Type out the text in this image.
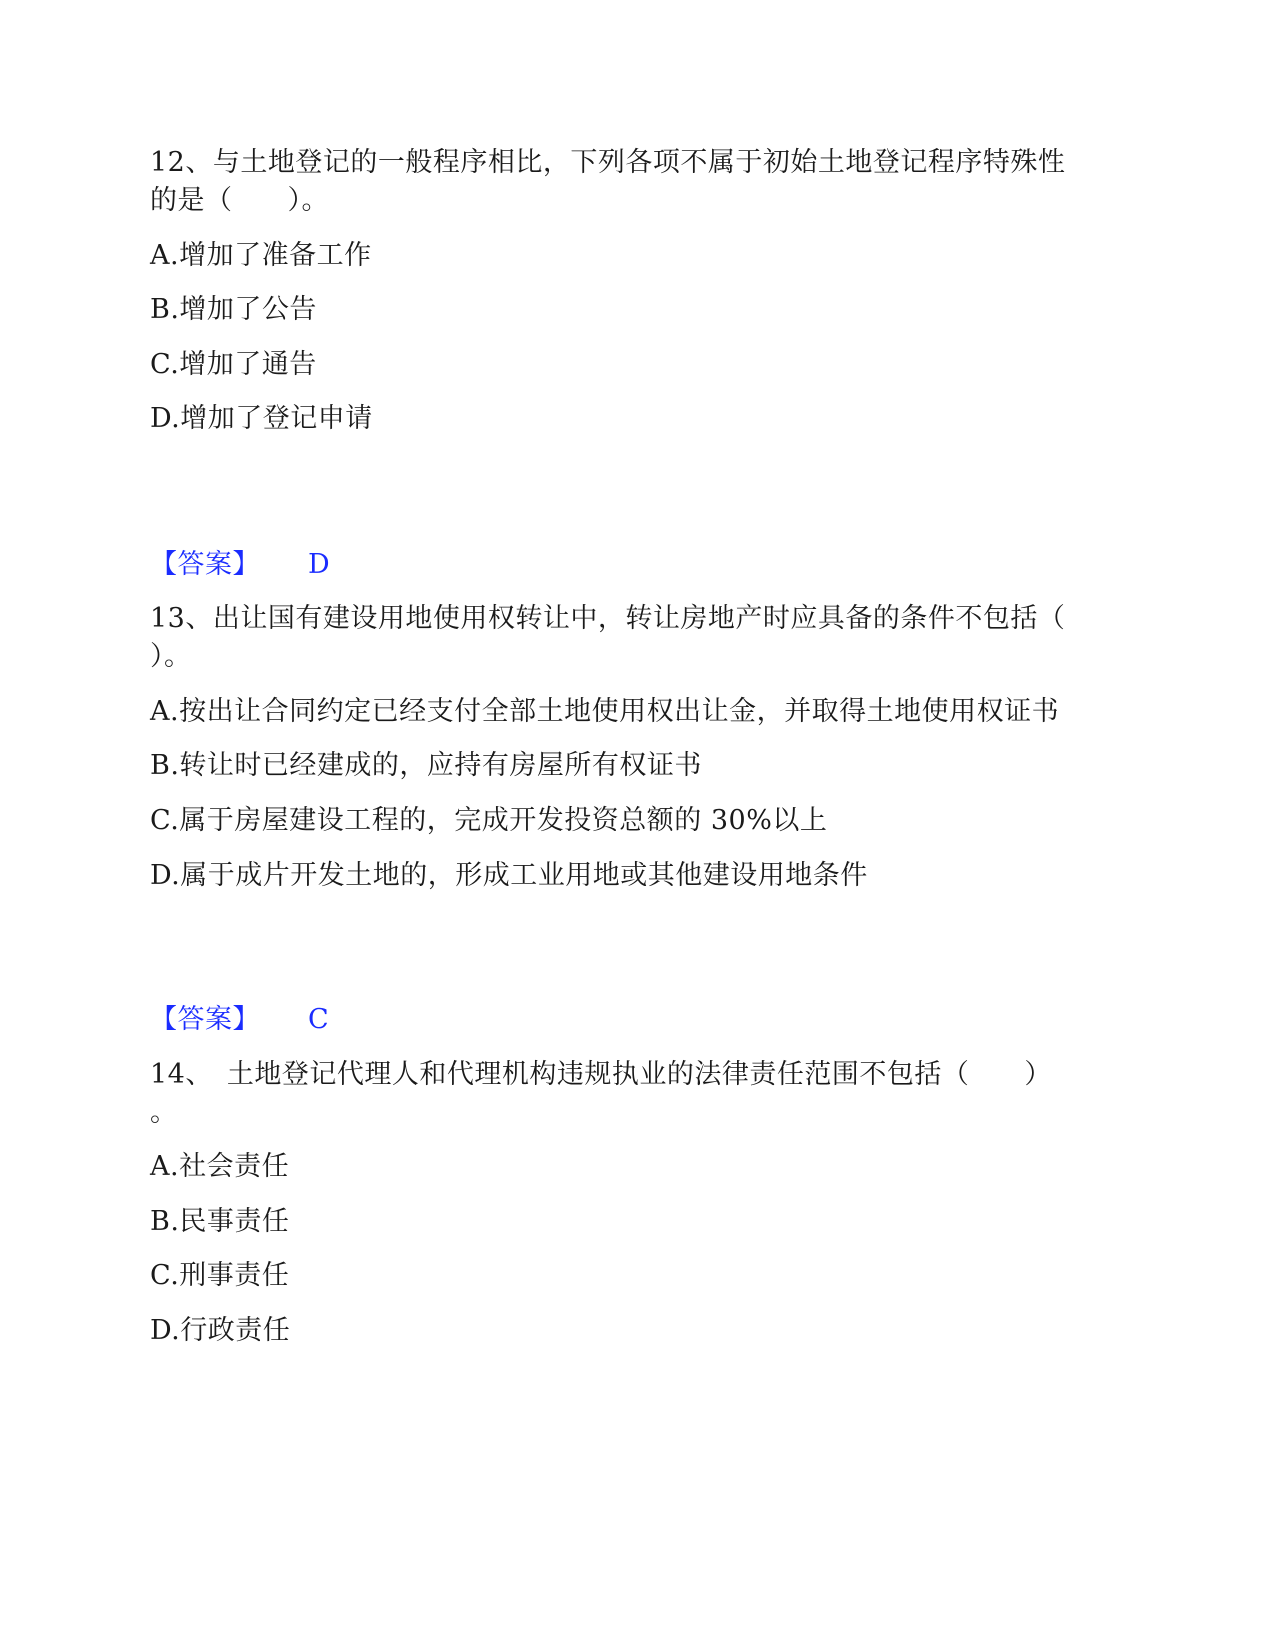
12、与土地登记的一般程序相比，下列各项不属于初始土地登记程序特殊性
的是（　　）。
A.增加了准备工作
B.增加了公告
C.增加了通告
D.增加了登记申请
【答案】 D
13、出让国有建设用地使用权转让中，转让房地产时应具备的条件不包括（
）。
A.按出让合同约定已经支付全部土地使用权出让金，并取得土地使用权证书
B.转让时已经建成的，应持有房屋所有权证书
C.属于房屋建设工程的，完成开发投资总额的 30%以上
D.属于成片开发土地的，形成工业用地或其他建设用地条件
【答案】 C
14、　土地登记代理人和代理机构违规执业的法律责任范围不包括（　　）
。
A.社会责任
B.民事责任
C.刑事责任
D.行政责任
